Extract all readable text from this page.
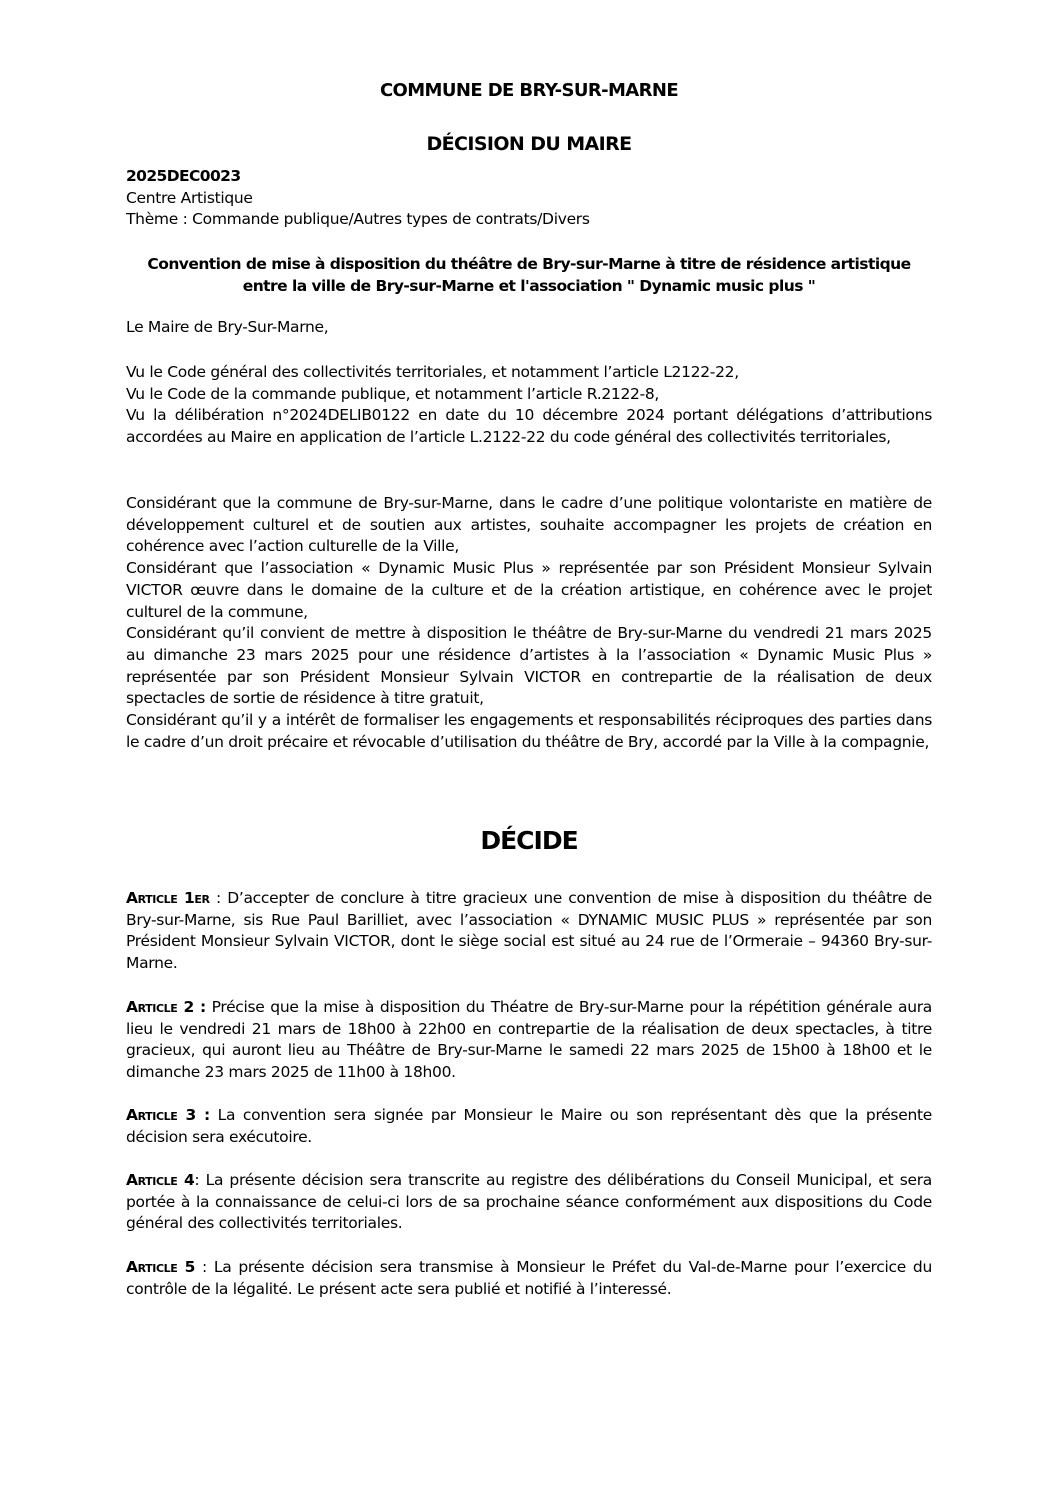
COMMUNE DE BRY-SUR-MARNE
DÉCISION DU MAIRE
2025DEC0023
Centre Artistique
Thème : Commande publique/Autres types de contrats/Divers
Convention de mise à disposition du théâtre de Bry-sur-Marne à titre de résidence artistique
entre la ville de Bry-sur-Marne et l'association " Dynamic music plus "

Le Maire de Bry-Sur-Marne,

Vu le Code général des collectivités territoriales, et notamment l’article L2122-22,

Vu le Code de la commande publique, et notamment l’article R.2122-8,

Vu la délibération n°2024DELIB0122 en date du 10 décembre 2024 portant délégations d’attributions accordées au Maire en application de l’article L.2122-22 du code général des collectivités territoriales,

Considérant que la commune de Bry-sur-Marne, dans le cadre d’une politique volontariste en matière de développement culturel et de soutien aux artistes, souhaite accompagner les projets de création en cohérence avec l’action culturelle de la Ville,

Considérant que l’association « Dynamic Music Plus » représentée par son Président Monsieur Sylvain VICTOR œuvre dans le domaine de la culture et de la création artistique, en cohérence avec le projet culturel de la commune,

Considérant qu’il convient de mettre à disposition le théâtre de Bry-sur-Marne du vendredi 21 mars 2025 au dimanche 23 mars 2025 pour une résidence d’artistes à la l’association « Dynamic Music Plus » représentée par son Président Monsieur Sylvain VICTOR en contrepartie de la réalisation de deux spectacles de sortie de résidence à titre gratuit,

Considérant qu’il y a intérêt de formaliser les engagements et responsabilités réciproques des parties dans le cadre d’un droit précaire et révocable d’utilisation du théâtre de Bry, accordé par la Ville à la compagnie,

DÉCIDE
Article 1er : D’accepter de conclure à titre gracieux une convention de mise à disposition du théâtre de Bry-sur-Marne, sis Rue Paul Barilliet, avec l’association « DYNAMIC MUSIC PLUS » représentée par son Président Monsieur Sylvain VICTOR, dont le siège social est situé au 24 rue de l’Ormeraie – 94360 Bry-sur-Marne.
Article 2 : Précise que la mise à disposition du Théatre de Bry-sur-Marne pour la répétition générale aura lieu le vendredi 21 mars de 18h00 à 22h00 en contrepartie de la réalisation de deux spectacles, à titre gracieux, qui auront lieu au Théâtre de Bry-sur-Marne le samedi 22 mars 2025 de 15h00 à 18h00 et le dimanche 23 mars 2025 de 11h00 à 18h00.
Article 3 : La convention sera signée par Monsieur le Maire ou son représentant dès que la présente décision sera exécutoire.
Article 4: La présente décision sera transcrite au registre des délibérations du Conseil Municipal, et sera portée à la connaissance de celui-ci lors de sa prochaine séance conformément aux dispositions du Code général des collectivités territoriales.
Article 5 : La présente décision sera transmise à Monsieur le Préfet du Val-de-Marne pour l’exercice du contrôle de la légalité. Le présent acte sera publié et notifié à l’interessé.
